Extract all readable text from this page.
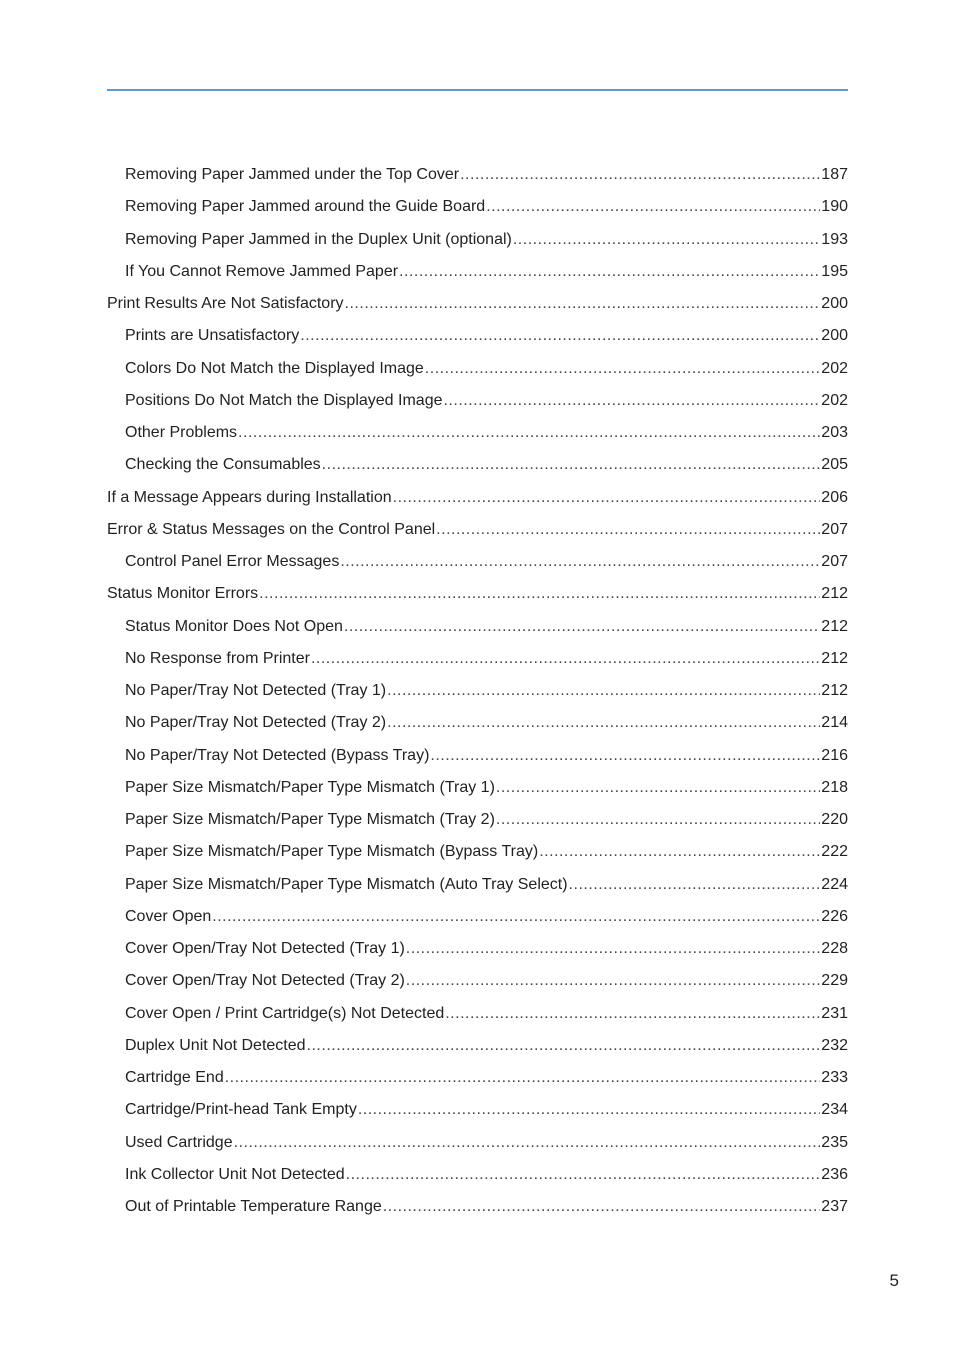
Removing Paper Jammed under the Top Cover .....	187
Removing Paper Jammed around the Guide Board .....	190
Removing Paper Jammed in the Duplex Unit (optional) .....	193
If You Cannot Remove Jammed Paper .....	195
Print Results Are Not Satisfactory .....	200
Prints are Unsatisfactory .....	200
Colors Do Not Match the Displayed Image .....	202
Positions Do Not Match the Displayed Image .....	202
Other Problems .....	203
Checking the Consumables .....	205
If a Message Appears during Installation .....	206
Error & Status Messages on the Control Panel .....	207
Control Panel Error Messages .....	207
Status Monitor Errors .....	212
Status Monitor Does Not Open .....	212
No Response from Printer .....	212
No Paper/Tray Not Detected (Tray 1) .....	212
No Paper/Tray Not Detected (Tray 2) .....	214
No Paper/Tray Not Detected (Bypass Tray) .....	216
Paper Size Mismatch/Paper Type Mismatch (Tray 1) .....	218
Paper Size Mismatch/Paper Type Mismatch (Tray 2) .....	220
Paper Size Mismatch/Paper Type Mismatch (Bypass Tray) .....	222
Paper Size Mismatch/Paper Type Mismatch (Auto Tray Select) .....	224
Cover Open .....	226
Cover Open/Tray Not Detected (Tray 1) .....	228
Cover Open/Tray Not Detected (Tray 2) .....	229
Cover Open / Print Cartridge(s) Not Detected .....	231
Duplex Unit Not Detected .....	232
Cartridge End .....	233
Cartridge/Print-head Tank Empty .....	234
Used Cartridge .....	235
Ink Collector Unit Not Detected .....	236
Out of Printable Temperature Range .....	237
5
